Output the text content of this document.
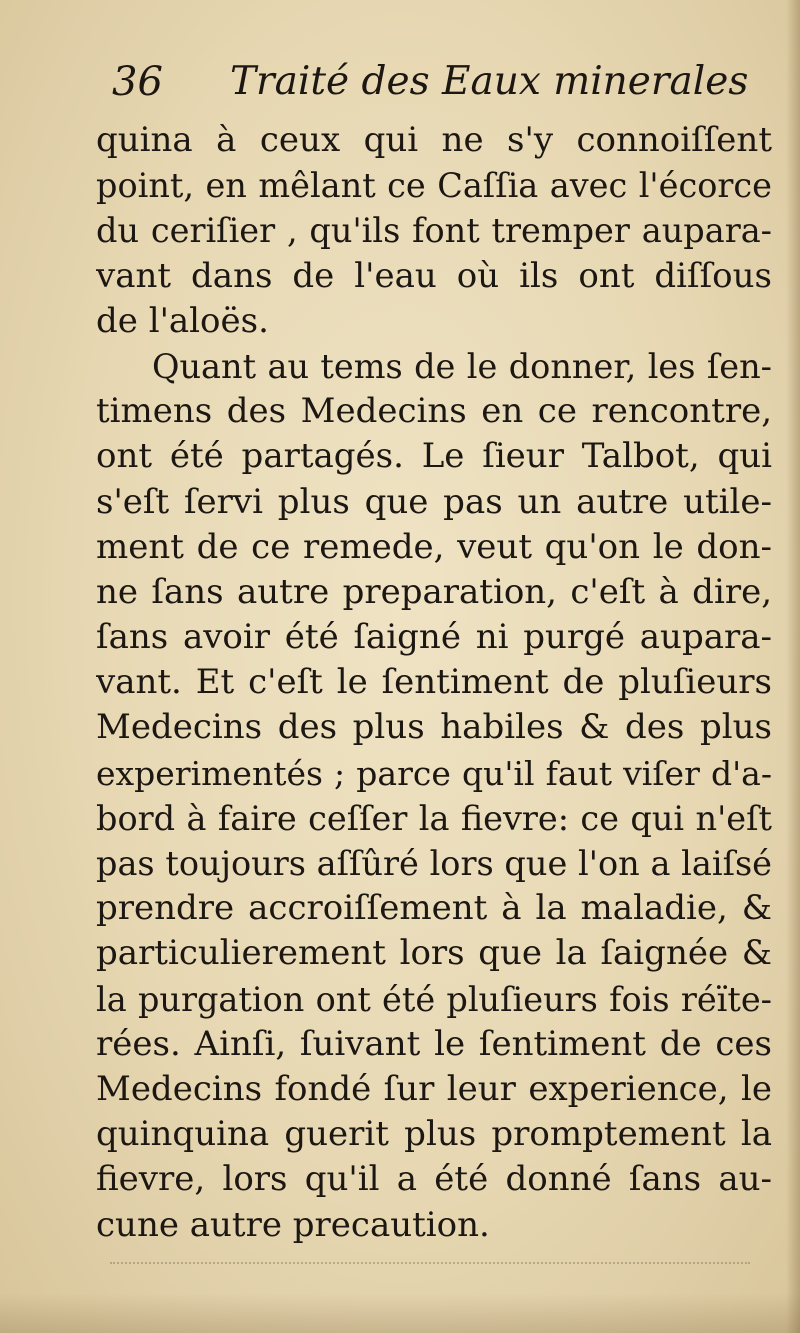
36 Traité des Eaux minerales
quina à ceux qui ne s'y connoiſſent
point, en mêlant ce Caſſia avec l'écorce
du ceriſier , qu'ils font tremper aupara-
vant dans de l'eau où ils ont diſſous
de l'aloës.
Quant au tems de le donner, les ſen-
timens des Medecins en ce rencontre,
ont été partagés. Le ſieur Talbot, qui
s'eſt ſervi plus que pas un autre utile-
ment de ce remede, veut qu'on le don-
ne ſans autre preparation, c'eſt à dire,
ſans avoir été ſaigné ni purgé aupara-
vant. Et c'eſt le ſentiment de pluſieurs
Medecins des plus habiles & des plus
experimentés ; parce qu'il faut viſer d'a-
bord à faire ceſſer la fievre: ce qui n'eſt
pas toujours aſſûré lors que l'on a laiſsé
prendre accroiſſement à la maladie, &
particulierement lors que la ſaignée &
la purgation ont été pluſieurs fois réïte-
rées. Ainſi, ſuivant le ſentiment de ces
Medecins fondé ſur leur experience, le
quinquina guerit plus promptement la
fievre, lors qu'il a été donné ſans au-
cune autre precaution.
